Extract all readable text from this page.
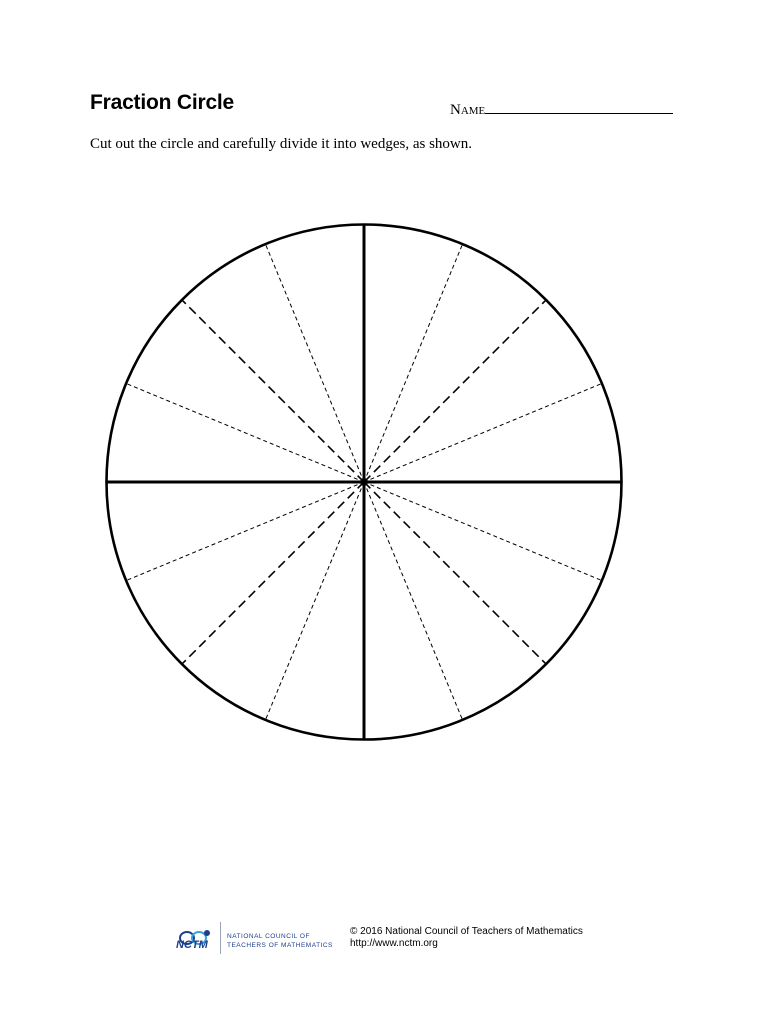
Fraction Circle	Name
Cut out the circle and carefully divide it into wedges, as shown.
NCTM
NATIONAL COUNCIL OF
TEACHERS OF MATHEMATICS
© 2016 National Council of Teachers of Mathematics
http://www.nctm.org
